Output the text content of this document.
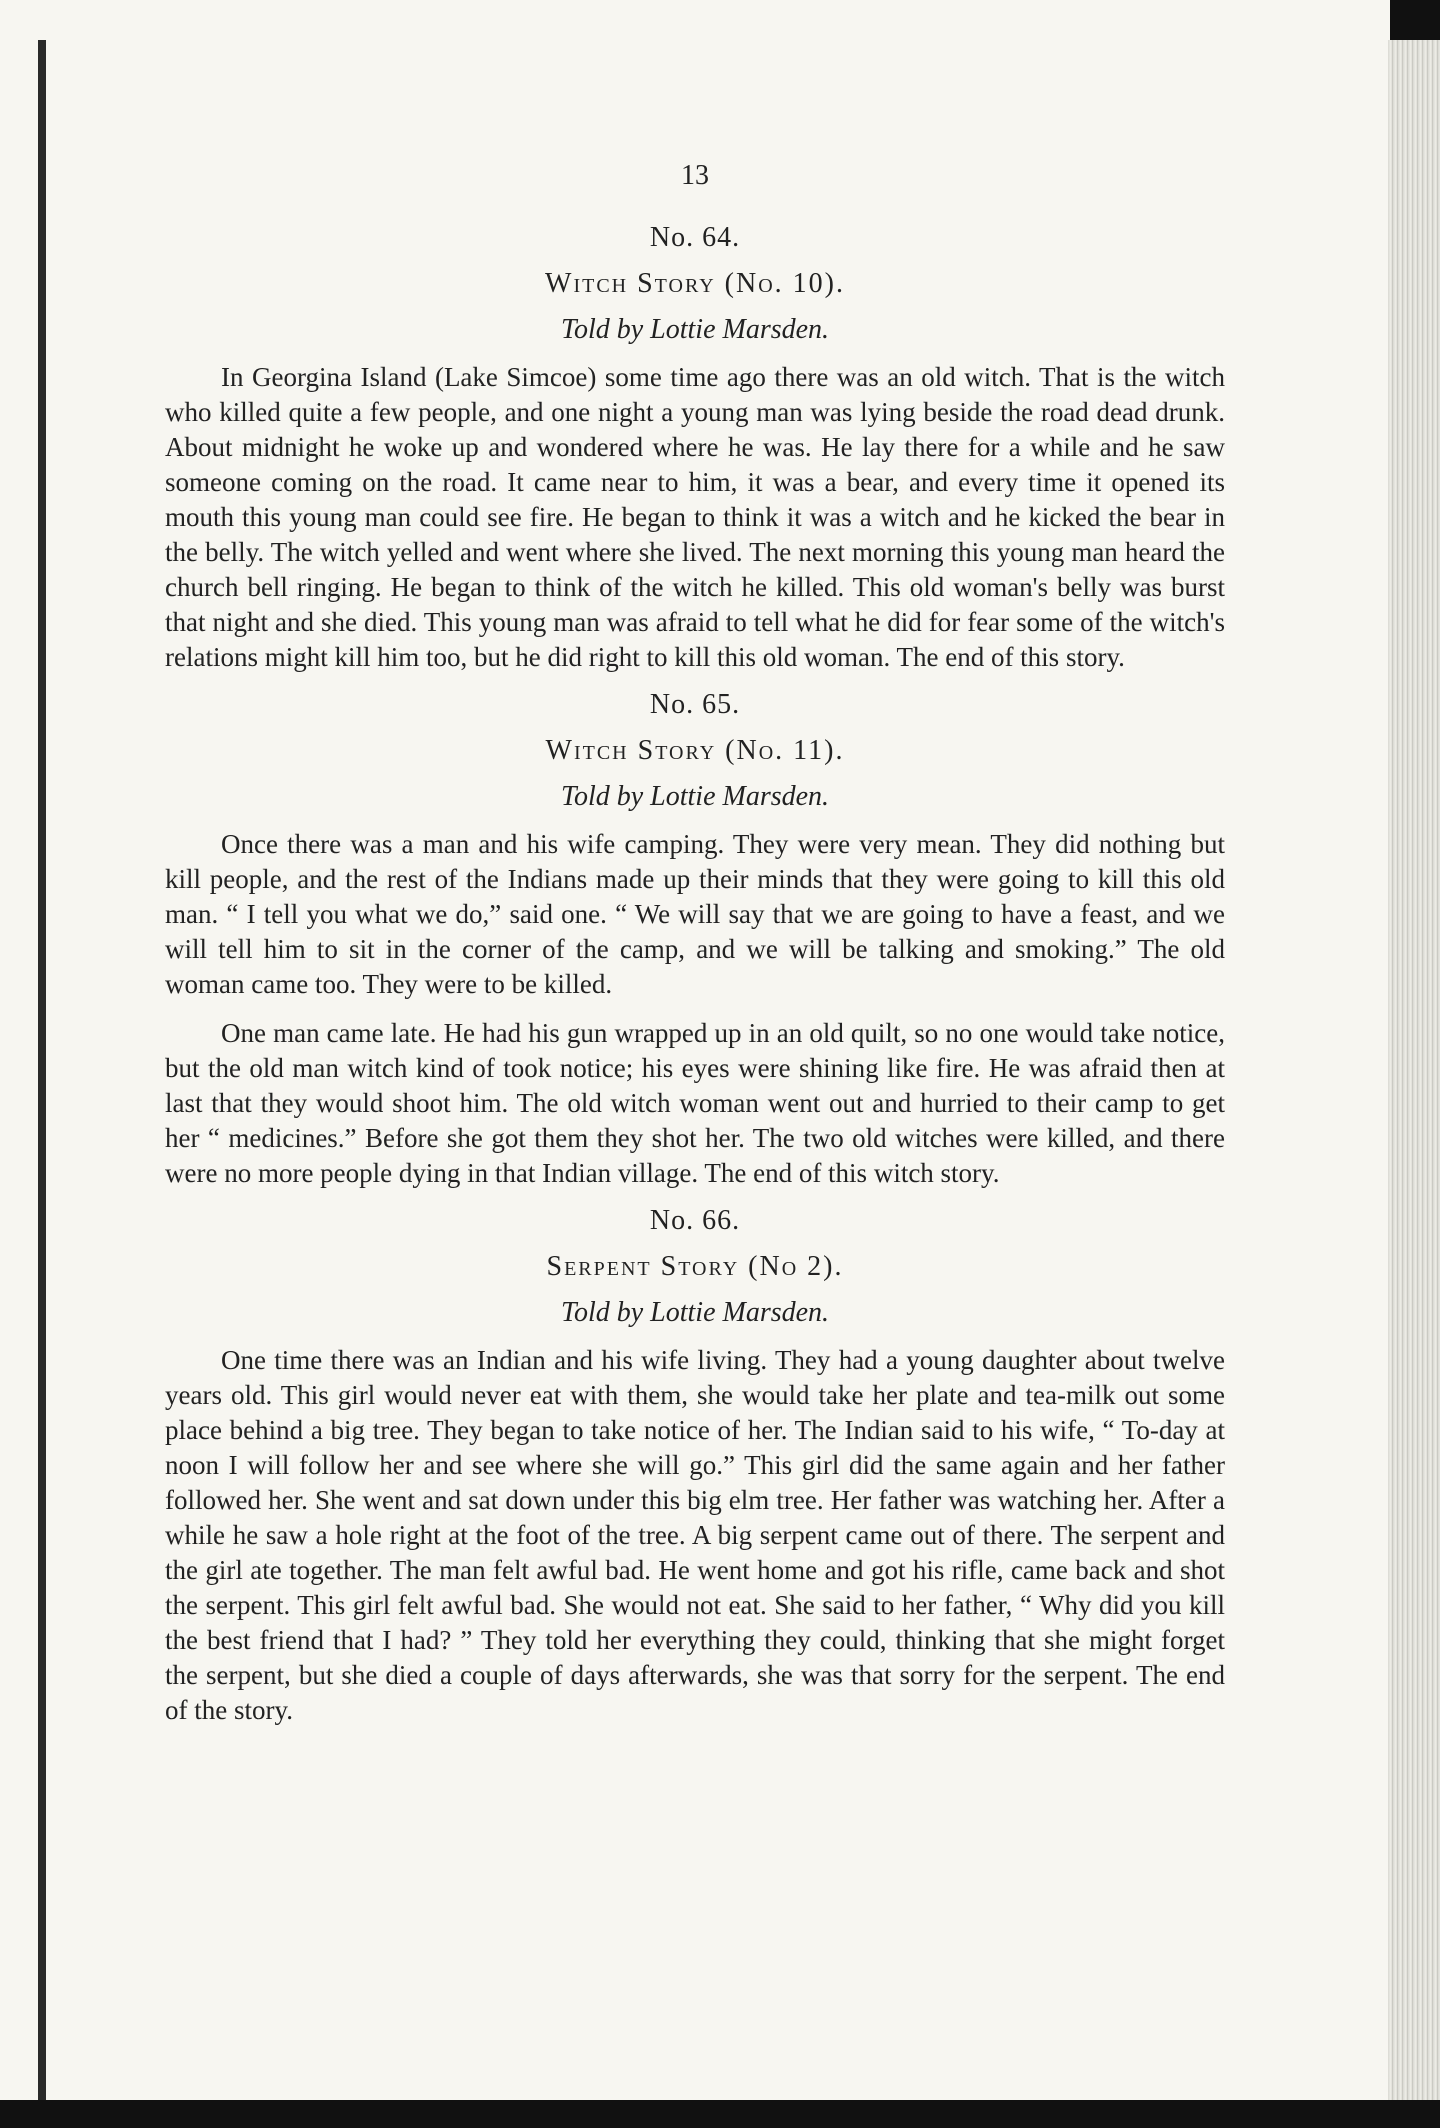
13
No. 64.
Witch Story (No. 10).
Told by Lottie Marsden.

In Georgina Island (Lake Simcoe) some time ago there was an old witch. That is the witch who killed quite a few people, and one night a young man was lying beside the road dead drunk. About midnight he woke up and wondered where he was. He lay there for a while and he saw someone coming on the road. It came near to him, it was a bear, and every time it opened its mouth this young man could see fire. He began to think it was a witch and he kicked the bear in the belly. The witch yelled and went where she lived. The next morning this young man heard the church bell ringing. He began to think of the witch he killed. This old woman's belly was burst that night and she died. This young man was afraid to tell what he did for fear some of the witch's relations might kill him too, but he did right to kill this old woman. The end of this story.

No. 65.
Witch Story (No. 11).
Told by Lottie Marsden.

Once there was a man and his wife camping. They were very mean. They did nothing but kill people, and the rest of the Indians made up their minds that they were going to kill this old man. “ I tell you what we do,” said one. “ We will say that we are going to have a feast, and we will tell him to sit in the corner of the camp, and we will be talking and smoking.” The old woman came too. They were to be killed.

One man came late. He had his gun wrapped up in an old quilt, so no one would take notice, but the old man witch kind of took notice; his eyes were shining like fire. He was afraid then at last that they would shoot him. The old witch woman went out and hurried to their camp to get her “ medicines.” Before she got them they shot her. The two old witches were killed, and there were no more people dying in that Indian village. The end of this witch story.

No. 66.
Serpent Story (No 2).
Told by Lottie Marsden.

One time there was an Indian and his wife living. They had a young daughter about twelve years old. This girl would never eat with them, she would take her plate and tea-milk out some place behind a big tree. They began to take notice of her. The Indian said to his wife, “ To-day at noon I will follow her and see where she will go.” This girl did the same again and her father followed her. She went and sat down under this big elm tree. Her father was watching her. After a while he saw a hole right at the foot of the tree. A big serpent came out of there. The serpent and the girl ate together. The man felt awful bad. He went home and got his rifle, came back and shot the serpent. This girl felt awful bad. She would not eat. She said to her father, “ Why did you kill the best friend that I had? ” They told her everything they could, thinking that she might forget the serpent, but she died a couple of days afterwards, she was that sorry for the serpent. The end of the story.
